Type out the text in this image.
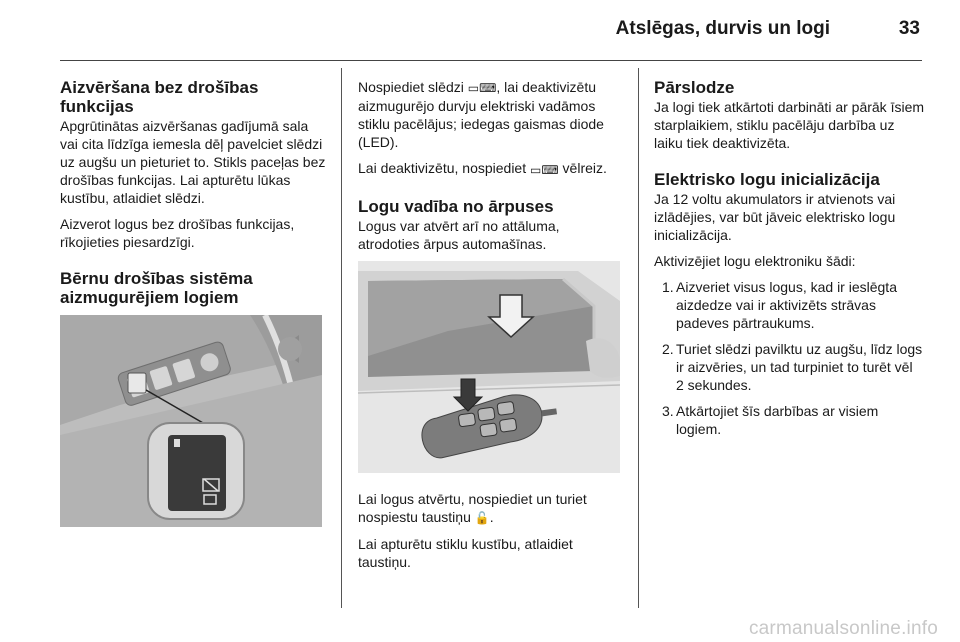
Atslēgas, durvis un logi	33
Aizvēršana bez drošības funkcijas

Apgrūtinātas aizvēršanas gadījumā sala vai cita līdzīga iemesla dēļ pavelciet slēdzi uz augšu un pieturiet to. Stikls paceļas bez drošības funkcijas. Lai apturētu lūkas kustību, atlaidiet slēdzi.

Aizverot logus bez drošības funkcijas, rīkojieties piesardzīgi.

Bērnu drošības sistēma aizmugurējiem logiem

Nospiediet slēdzi ▭⌨, lai deaktivizētu aizmugurējo durvju elektriski vadāmos stiklu pacēlājus; iedegas gaismas diode (LED).

Lai deaktivizētu, nospiediet ▭⌨ vēlreiz.

Logu vadība no ārpuses

Logus var atvērt arī no attāluma, atrodoties ārpus automašīnas.

Lai logus atvērtu, nospiediet un turiet nospiestu taustiņu 🔓.

Lai apturētu stiklu kustību, atlaidiet taustiņu.

Pārslodze

Ja logi tiek atkārtoti darbināti ar pārāk īsiem starplaikiem, stiklu pacēlāju darbība uz laiku tiek deaktivizēta.

Elektrisko logu inicializācija

Ja 12 voltu akumulators ir atvienots vai izlādējies, var būt jāveic elektrisko logu inicializācija.

Aktivizējiet logu elektroniku šādi:

1. Aizveriet visus logus, kad ir ieslēgta aizdedze vai ir aktivizēts strāvas padeves pārtraukums.
2. Turiet slēdzi pavilktu uz augšu, līdz logs ir aizvēries, un tad turpiniet to turēt vēl 2 sekundes.
3. Atkārtojiet šīs darbības ar visiem logiem.
carmanualsonline.info
